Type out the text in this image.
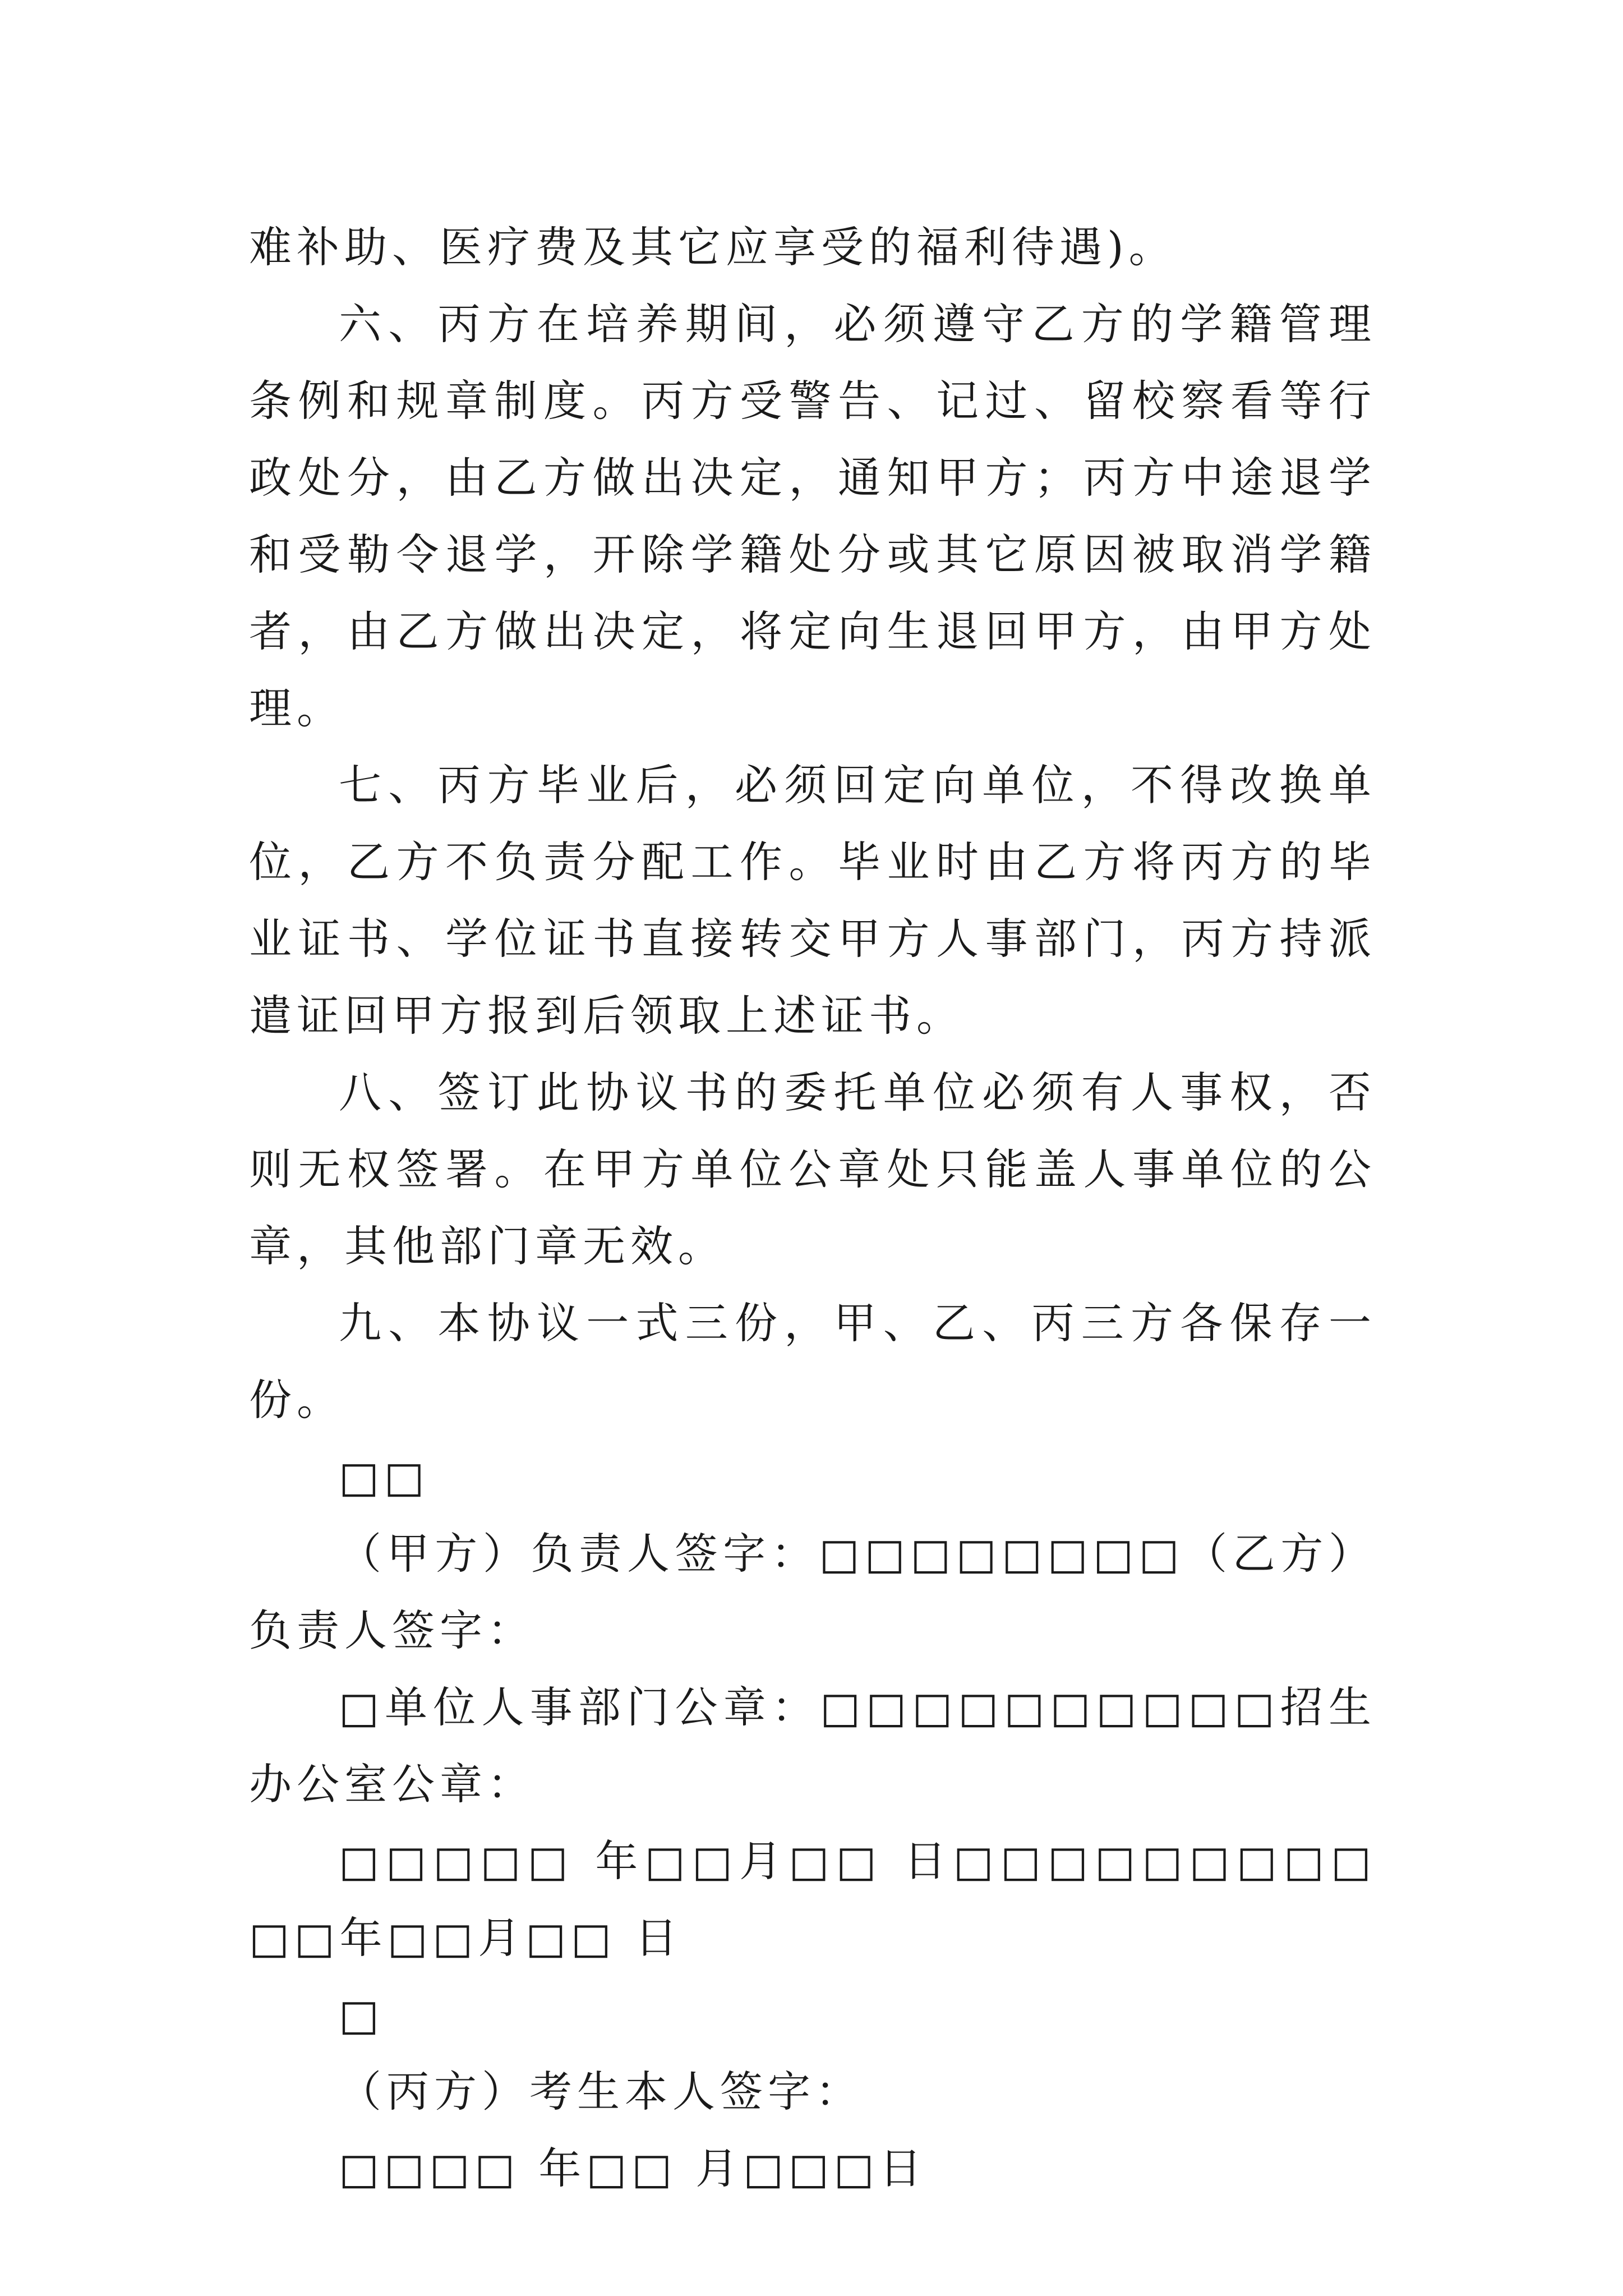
难补助、医疗费及其它应享受的福利待遇)。

六、丙方在培养期间，必须遵守乙方的学籍管理条例和规章制度。丙方受警告、记过、留校察看等行政处分，由乙方做出决定，通知甲方；丙方中途退学和受勒令退学，开除学籍处分或其它原因被取消学籍者，由乙方做出决定，将定向生退回甲方，由甲方处理。

七、丙方毕业后，必须回定向单位，不得改换单位，乙方不负责分配工作。毕业时由乙方将丙方的毕业证书、学位证书直接转交甲方人事部门，丙方持派遣证回甲方报到后领取上述证书。

八、签订此协议书的委托单位必须有人事权，否则无权签署。在甲方单位公章处只能盖人事单位的公章，其他部门章无效。

九、本协议一式三份，甲、乙、丙三方各保存一份。

□□

（甲方）负责人签字：□□□□□□□□（乙方）负责人签字：

□单位人事部门公章：□□□□□□□□□□招生办公室公章：

□□□□□ 年□□月□□ 日□□□□□□□□□□□年□□月□□ 日

□

（丙方）考生本人签字：

□□□□ 年□□ 月□□□日
